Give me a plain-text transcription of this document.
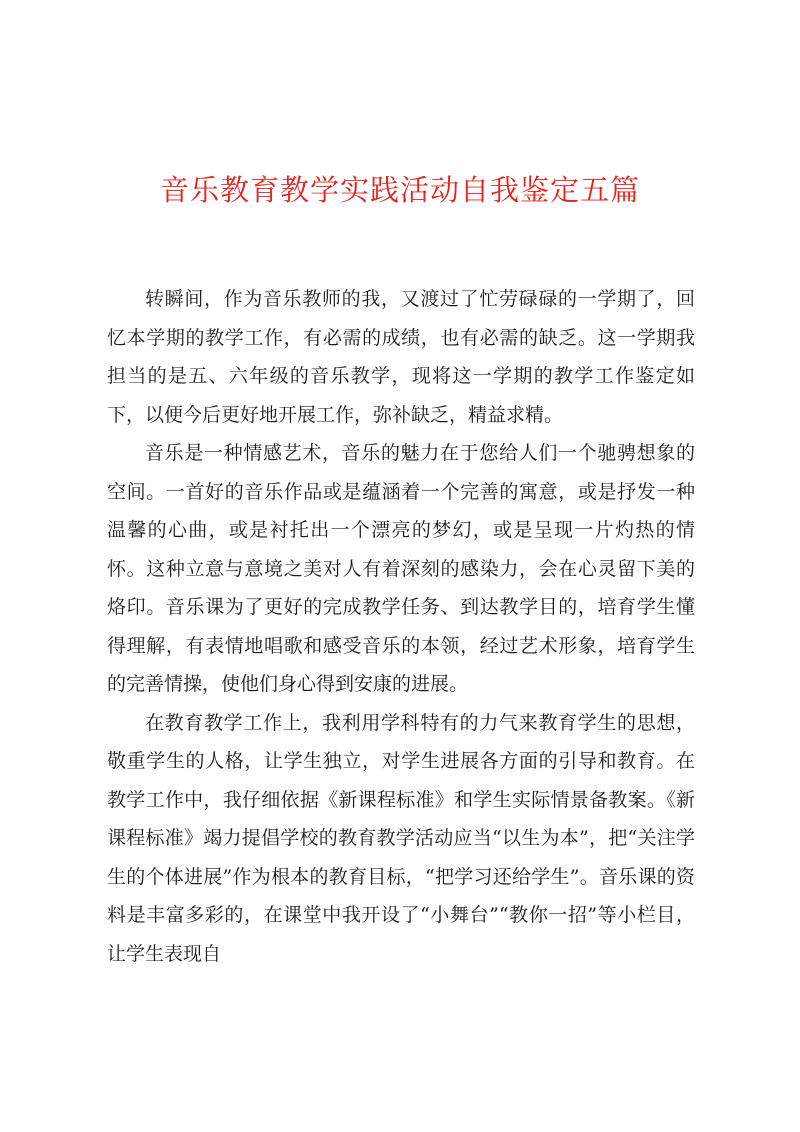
音乐教育教学实践活动自我鉴定五篇

转瞬间，作为音乐教师的我，又渡过了忙劳碌碌的一学期了，回忆本学期的教学工作，有必需的成绩，也有必需的缺乏。这一学期我担当的是五、六年级的音乐教学，现将这一学期的教学工作鉴定如下，以便今后更好地开展工作，弥补缺乏，精益求精。

音乐是一种情感艺术，音乐的魅力在于您给人们一个驰骋想象的空间。一首好的音乐作品或是蕴涵着一个完善的寓意，或是抒发一种温馨的心曲，或是衬托出一个漂亮的梦幻，或是呈现一片灼热的情怀。这种立意与意境之美对人有着深刻的感染力，会在心灵留下美的烙印。音乐课为了更好的完成教学任务、到达教学目的，培育学生懂得理解，有表情地唱歌和感受音乐的本领，经过艺术形象，培育学生的完善情操，使他们身心得到安康的进展。

在教育教学工作上，我利用学科特有的力气来教育学生的思想，敬重学生的人格，让学生独立，对学生进展各方面的引导和教育。在教学工作中，我仔细依据《新课程标准》和学生实际情景备教案。《新课程标准》竭力提倡学校的教育教学活动应当“以生为本”，把“关注学生的个体进展”作为根本的教育目标，“把学习还给学生”。音乐课的资料是丰富多彩的，在课堂中我开设了“小舞台”“教你一招”等小栏目，让学生表现自
